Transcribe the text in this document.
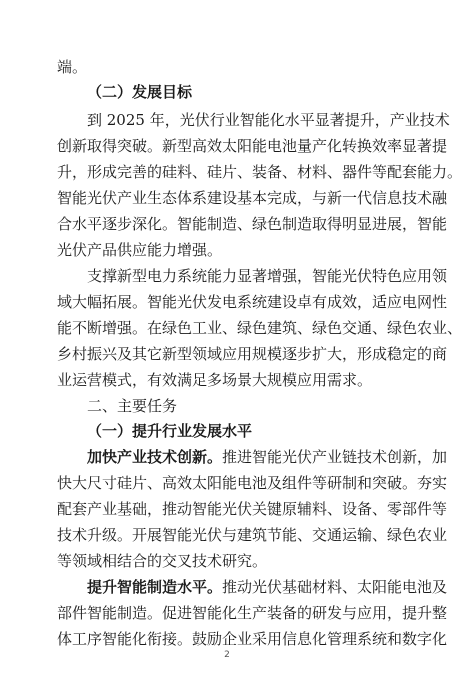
端。
（二）发展目标
到 2025 年，光伏行业智能化水平显著提升，产业技术
创新取得突破。新型高效太阳能电池量产化转换效率显著提
升，形成完善的硅料、硅片、装备、材料、器件等配套能力。
智能光伏产业生态体系建设基本完成，与新一代信息技术融
合水平逐步深化。智能制造、绿色制造取得明显进展，智能
光伏产品供应能力增强。
支撑新型电力系统能力显著增强，智能光伏特色应用领
域大幅拓展。智能光伏发电系统建设卓有成效，适应电网性
能不断增强。在绿色工业、绿色建筑、绿色交通、绿色农业、
乡村振兴及其它新型领域应用规模逐步扩大，形成稳定的商
业运营模式，有效满足多场景大规模应用需求。
二、主要任务
（一）提升行业发展水平
加快产业技术创新。推进智能光伏产业链技术创新，加
快大尺寸硅片、高效太阳能电池及组件等研制和突破。夯实
配套产业基础，推动智能光伏关键原辅料、设备、零部件等
技术升级。开展智能光伏与建筑节能、交通运输、绿色农业
等领域相结合的交叉技术研究。
提升智能制造水平。推动光伏基础材料、太阳能电池及
部件智能制造。促进智能化生产装备的研发与应用，提升整
体工序智能化衔接。鼓励企业采用信息化管理系统和数字化
2
